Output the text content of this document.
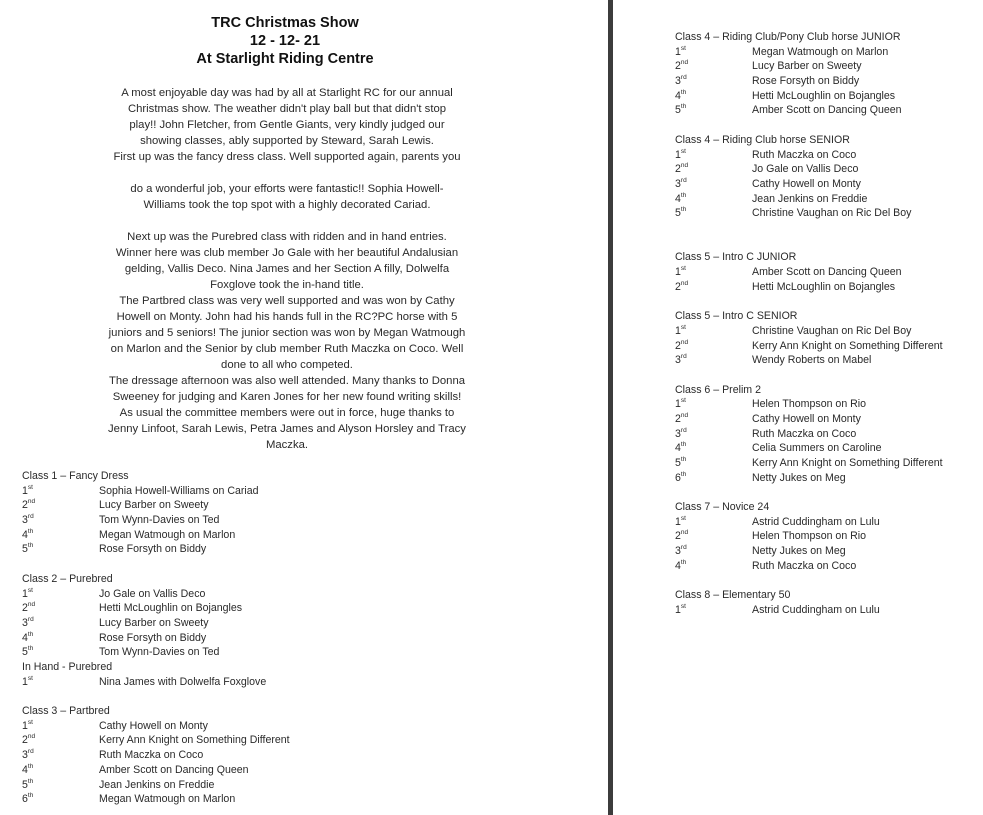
TRC Christmas Show
12 - 12- 21
At Starlight Riding Centre

A most enjoyable day was had by all at Starlight RC for our annual

Christmas show. The weather didn't play ball but that didn't stop

play!! John Fletcher, from Gentle Giants, very kindly judged our

showing classes, ably supported by Steward, Sarah Lewis.

First up was the fancy dress class. Well supported again, parents you

do a wonderful job, your efforts were fantastic!! Sophia Howell-

Williams took the top spot with a highly decorated Cariad.

Next up was the Purebred class with ridden and in hand entries.

Winner here was club member Jo Gale with her beautiful Andalusian

gelding, Vallis Deco. Nina James and her Section A filly, Dolwelfa

Foxglove took the in-hand title.

The Partbred class was very well supported and was won by Cathy

Howell on Monty. John had his hands full in the RC?PC horse with 5

juniors and 5 seniors! The junior section was won by Megan Watmough

on Marlon and the Senior by club member Ruth Maczka on Coco. Well

done to all who competed.

The dressage afternoon was also well attended. Many thanks to Donna

Sweeney for judging and Karen Jones for her new found writing skills!

As usual the committee members were out in force, huge thanks to

Jenny Linfoot, Sarah Lewis, Petra James and Alyson Horsley and Tracy

Maczka.

Class 1 – Fancy Dress
1st	Sophia Howell-Williams on Cariad
2nd	Lucy Barber on Sweety
3rd	Tom Wynn-Davies on Ted
4th	Megan Watmough on Marlon
5th	Rose Forsyth on Biddy
Class 2 – Purebred
1st	Jo Gale on Vallis Deco
2nd	Hetti McLoughlin on Bojangles
3rd	Lucy Barber on Sweety
4th	Rose Forsyth on Biddy
5th	Tom Wynn-Davies on Ted
In Hand - Purebred
1st	Nina James with Dolwelfa Foxglove
Class 3 – Partbred
1st	Cathy Howell on Monty
2nd	Kerry Ann Knight on Something Different
3rd	Ruth Maczka on Coco
4th	Amber Scott on Dancing Queen
5th	Jean Jenkins on Freddie
6th	Megan Watmough on Marlon
Class 4 – Riding Club/Pony Club horse JUNIOR
1st	Megan Watmough on Marlon
2nd	Lucy Barber on Sweety
3rd	Rose Forsyth on Biddy
4th	Hetti McLoughlin on Bojangles
5th	Amber Scott on Dancing Queen
Class 4 – Riding Club horse SENIOR
1st	Ruth Maczka on Coco
2nd	Jo Gale on Vallis Deco
3rd	Cathy Howell on Monty
4th	Jean Jenkins on Freddie
5th	Christine Vaughan on Ric Del Boy
Class 5 – Intro C JUNIOR
1st	Amber Scott on Dancing Queen
2nd	Hetti McLoughlin on Bojangles
Class 5 – Intro C SENIOR
1st	Christine Vaughan on Ric Del Boy
2nd	Kerry Ann Knight on Something Different
3rd	Wendy Roberts on Mabel
Class 6 – Prelim 2
1st	Helen Thompson on Rio
2nd	Cathy Howell on Monty
3rd	Ruth Maczka on Coco
4th	Celia Summers on Caroline
5th	Kerry Ann Knight on Something Different
6th	Netty Jukes on Meg
Class 7 – Novice 24
1st	Astrid Cuddingham on Lulu
2nd	Helen Thompson on Rio
3rd	Netty Jukes on Meg
4th	Ruth Maczka on Coco
Class 8 – Elementary 50
1st	Astrid Cuddingham on Lulu
